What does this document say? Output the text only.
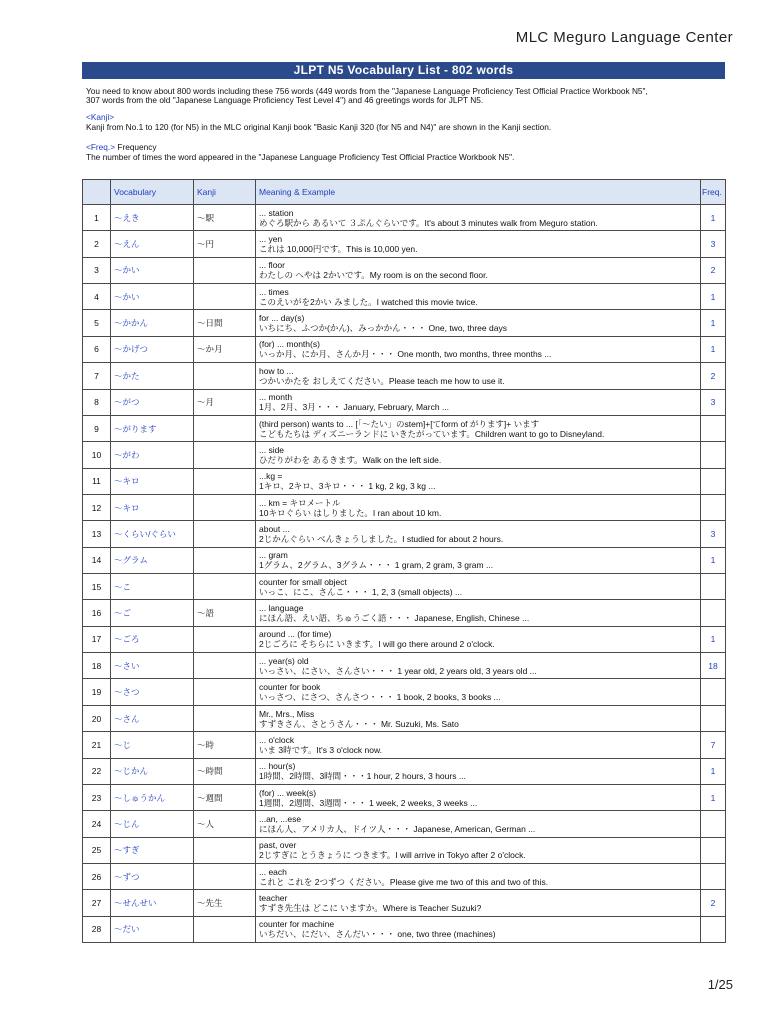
MLC Meguro Language Center
JLPT N5 Vocabulary List - 802 words
You need to know about 800 words including these 756 words (449 words from the "Japanese Language Proficiency Test Official Practice Workbook N5",
307 words from the old "Japanese Language Proficiency Test Level 4") and 46 greetings words for JLPT N5.
<Kanji>
Kanji from No.1 to 120 (for N5) in the MLC original Kanji book "Basic Kanji 320 (for N5 and N4)" are shown in the Kanji section.
<Freq.> Frequency
The number of times the word appeared in the "Japanese Language Proficiency Test Official Practice Workbook N5".
	Vocabulary	Kanji	Meaning & Example	Freq.
1	～えき	～駅	... station
めぐろ駅から あるいて ３ぷんぐらいです。It's about 3 minutes walk from Meguro station.	1
2	～えん	～円	... yen
これは 10,000円です。This is 10,000 yen.	3
3	～かい		... floor
わたしの へやは 2かいです。My room is on the second floor.	2
4	～かい		... times
このえいがを2かい みました。I watched this movie twice.	1
5	～かかん	～日間	for ... day(s)
いちにち、ふつか(かん)、みっかかん・・・ One, two, three days	1
6	～かげつ	～か月	(for) ... month(s)
いっか月、にか月、さんか月・・・ One month, two months, three months ...	1
7	～かた		how to ...
つかいかたを おしえてください。Please teach me how to use it.	2
8	～がつ	～月	... month
1月、2月、3月・・・ January, February, March ...	3
9	～がります		(third person) wants to ... [「～たい」のstem]+[てform of がります]+ います
こどもたちは ディズニーランドに いきたがっています。Children want to go to Disneyland.	

10	～がわ		... side
ひだりがわを あるきます。Walk on the left side.	

11	～キロ		...kg =
1キロ、2キロ、3キロ・・・ 1 kg, 2 kg, 3 kg ...	

12	～キロ		... km = キロメートル
10キロぐらい はしりました。I ran about 10 km.	

13	～くらい/ぐらい		about ...
2じかんぐらい べんきょうしました。I studied for about 2 hours.	3
14	～グラム		... gram
1グラム、2グラム、3グラム・・・ 1 gram, 2 gram, 3 gram ...	1
15	～こ		counter for small object
いっこ、にこ、さんこ・・・ 1, 2, 3 (small objects) ...	

16	～ご	～語	... language
にほん語、えい語、ちゅうごく語・・・ Japanese, English, Chinese ...	

17	～ごろ		around ... (for time)
2じごろに そちらに いきます。I will go there around 2 o'clock.	1
18	～さい		... year(s) old
いっさい、にさい、さんさい・・・ 1 year old, 2 years old, 3 years old ...	18
19	～さつ		counter for book
いっさつ、にさつ、さんさつ・・・ 1 book, 2 books, 3 books ...	

20	～さん		Mr., Mrs., Miss
すずきさん、さとうさん・・・ Mr. Suzuki, Ms. Sato	

21	～じ	～時	... o'clock
いま 3時です。It's 3 o'clock now.	7
22	～じかん	～時間	... hour(s)
1時間、2時間、3時間・・・1 hour, 2 hours, 3 hours ...	1
23	～しゅうかん	～週間	(for) ... week(s)
1週間、2週間、3週間・・・ 1 week, 2 weeks, 3 weeks ...	1
24	～じん	～人	...an, ...ese
にほん人、アメリカ人、ドイツ人・・・ Japanese, American, German ...	

25	～すぎ		past, over
2じすぎに とうきょうに つきます。I will arrive in Tokyo after 2 o'clock.	

26	～ずつ		... each
これと これを 2つずつ ください。Please give me two of this and two of this.	

27	～せんせい	～先生	teacher
すずき先生は どこに いますか。Where is Teacher Suzuki?	2
28	～だい		counter for machine
いちだい、にだい、さんだい・・・ one, two three (machines)	

1/25
